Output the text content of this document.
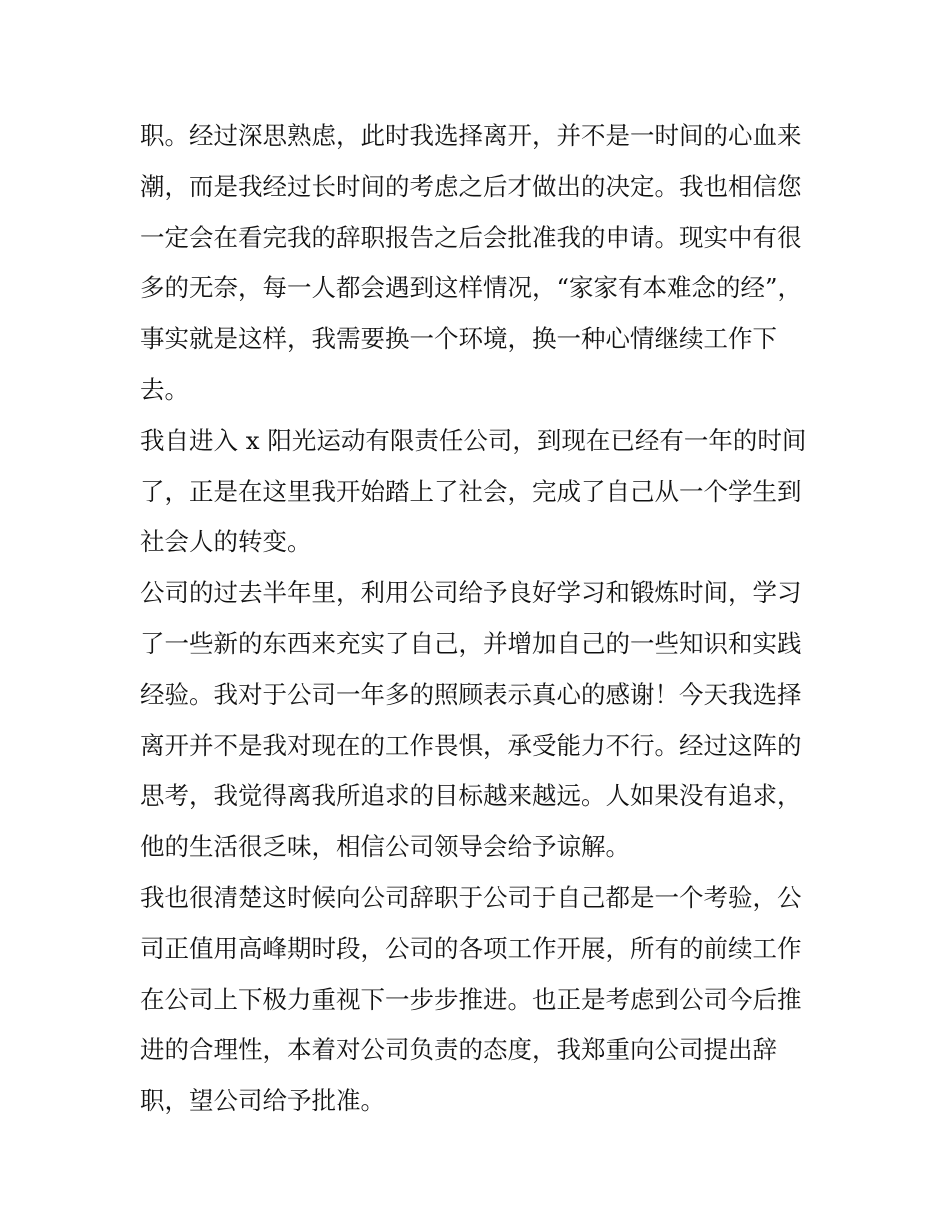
职。经过深思熟虑，此时我选择离开，并不是一时间的心血来
潮，而是我经过长时间的考虑之后才做出的决定。我也相信您
一定会在看完我的辞职报告之后会批准我的申请。现实中有很
多的无奈，每一人都会遇到这样情况，“家家有本难念的经”，
事实就是这样，我需要换一个环境，换一种心情继续工作下
去。
我自进入 x 阳光运动有限责任公司，到现在已经有一年的时间
了，正是在这里我开始踏上了社会，完成了自己从一个学生到
社会人的转变。
公司的过去半年里，利用公司给予良好学习和锻炼时间，学习
了一些新的东西来充实了自己，并增加自己的一些知识和实践
经验。我对于公司一年多的照顾表示真心的感谢！今天我选择
离开并不是我对现在的工作畏惧，承受能力不行。经过这阵的
思考，我觉得离我所追求的目标越来越远。人如果没有追求，
他的生活很乏味，相信公司领导会给予谅解。
我也很清楚这时候向公司辞职于公司于自己都是一个考验，公
司正值用高峰期时段，公司的各项工作开展，所有的前续工作
在公司上下极力重视下一步步推进。也正是考虑到公司今后推
进的合理性，本着对公司负责的态度，我郑重向公司提出辞
职，望公司给予批准。
